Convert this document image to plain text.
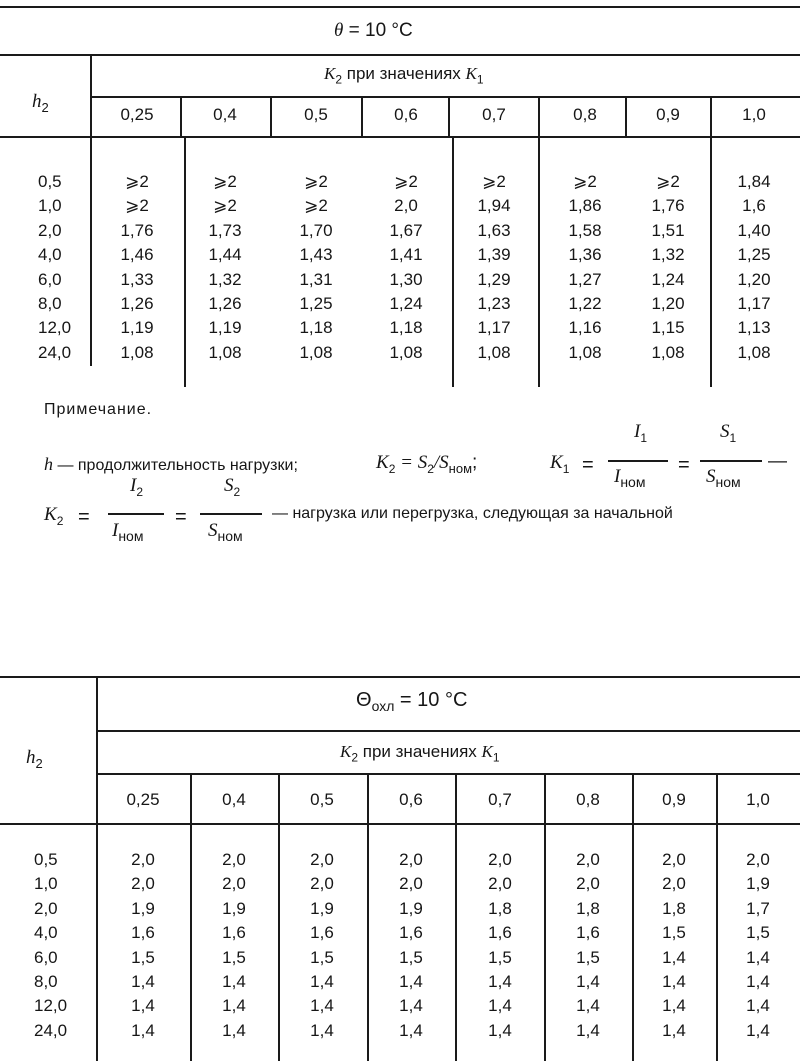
θ = 10 °C
$h_2$
$K_2$ при значениях $K_1$
0,25	0,4	0,5	0,6	0,7	0,8	0,9	1,0
0,5	⩾2	⩾2	⩾2	⩾2	⩾2	⩾2	⩾2	1,84
1,0	⩾2	⩾2	⩾2	2,0	1,94	1,86	1,76	1,6
2,0	1,76	1,73	1,70	1,67	1,63	1,58	1,51	1,40
4,0	1,46	1,44	1,43	1,41	1,39	1,36	1,32	1,25
6,0	1,33	1,32	1,31	1,30	1,29	1,27	1,24	1,20
8,0	1,26	1,26	1,25	1,24	1,23	1,22	1,20	1,17
12,0	1,19	1,19	1,18	1,18	1,17	1,16	1,15	1,13
24,0	1,08	1,08	1,08	1,08	1,08	1,08	1,08	1,08
Примечание.
h — продолжительность нагрузки;	$K_2 = S_2/S_{ном}$;	$K_1$ =
$I_1$
$I_{ном}$
=
$S_1$
$S_{ном}$
—
$K_2$ =
$I_2$
$I_{ном}$
=
$S_2$
$S_{ном}$
— нагрузка или перегрузка, следующая за начальной
$\Theta_{охл} = 10$ °C
$h_2$
$K_2$ при значениях $K_1$
0,25	0,4	0,5	0,6	0,7	0,8	0,9	1,0
0,5	2,0	2,0	2,0	2,0	2,0	2,0	2,0	2,0
1,0	2,0	2,0	2,0	2,0	2,0	2,0	2,0	1,9
2,0	1,9	1,9	1,9	1,9	1,8	1,8	1,8	1,7
4,0	1,6	1,6	1,6	1,6	1,6	1,6	1,5	1,5
6,0	1,5	1,5	1,5	1,5	1,5	1,5	1,4	1,4
8,0	1,4	1,4	1,4	1,4	1,4	1,4	1,4	1,4
12,0	1,4	1,4	1,4	1,4	1,4	1,4	1,4	1,4
24,0	1,4	1,4	1,4	1,4	1,4	1,4	1,4	1,4
